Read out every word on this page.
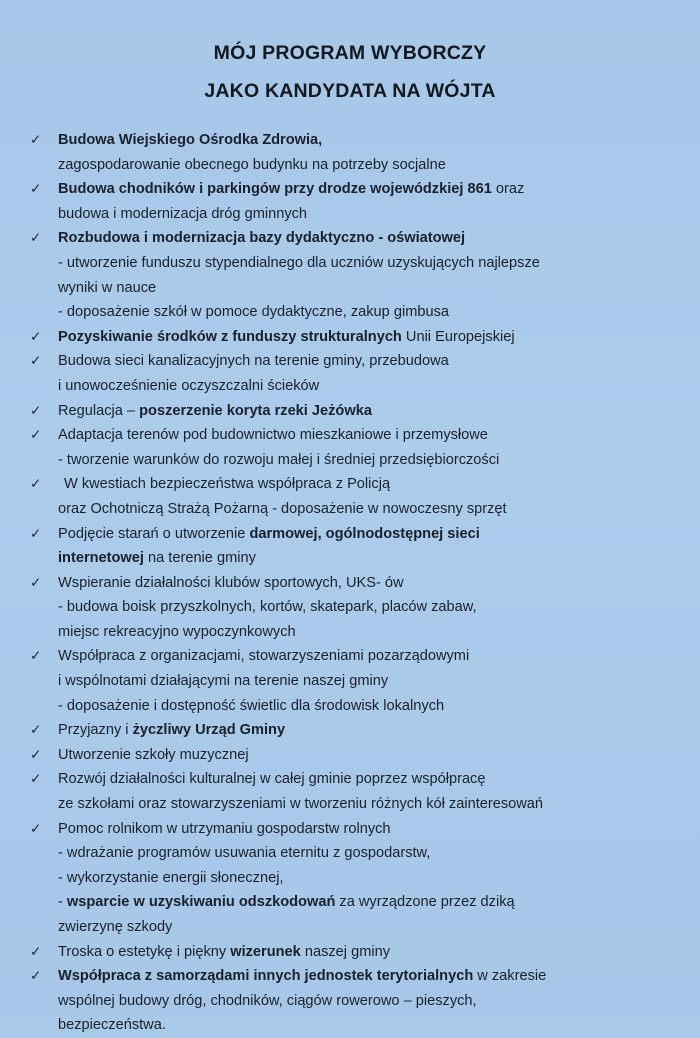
MÓJ PROGRAM WYBORCZY
JAKO KANDYDATA NA WÓJTA
✓	Budowa Wiejskiego Ośrodka Zdrowia,
zagospodarowanie obecnego budynku na potrzeby socjalne
✓	Budowa chodników i parkingów przy drodze wojewódzkiej 861 oraz
budowa i modernizacja dróg gminnych
✓	Rozbudowa i modernizacja bazy dydaktyczno - oświatowej
- utworzenie funduszu stypendialnego dla uczniów uzyskujących najlepsze
wyniki w nauce
- doposażenie szkół w pomoce dydaktyczne, zakup gimbusa
✓	Pozyskiwanie środków z funduszy strukturalnych Unii Europejskiej
✓	Budowa sieci kanalizacyjnych na terenie gminy, przebudowa
i unowocześnienie oczyszczalni ścieków
✓	Regulacja – poszerzenie koryta rzeki Jeżówka
✓	Adaptacja terenów pod budownictwo mieszkaniowe i przemysłowe
- tworzenie warunków do rozwoju małej i średniej przedsiębiorczości
✓	W kwestiach bezpieczeństwa współpraca z Policją
oraz Ochotniczą Strażą Pożarną - doposażenie w nowoczesny sprzęt
✓	Podjęcie starań o utworzenie darmowej, ogólnodostępnej sieci
internetowej na terenie gminy
✓	Wspieranie działalności klubów sportowych, UKS- ów
- budowa boisk przyszkolnych, kortów, skatepark, placów zabaw,
miejsc rekreacyjno wypoczynkowych
✓	Współpraca z organizacjami, stowarzyszeniami pozarządowymi
i wspólnotami działającymi na terenie naszej gminy
- doposażenie i dostępność świetlic dla środowisk lokalnych
✓	Przyjazny i życzliwy Urząd Gminy
✓	Utworzenie szkoły muzycznej
✓	Rozwój działalności kulturalnej w całej gminie poprzez współpracę
ze szkołami oraz stowarzyszeniami w tworzeniu różnych kół zainteresowań
✓	Pomoc rolnikom w utrzymaniu gospodarstw rolnych
- wdrażanie programów usuwania eternitu z gospodarstw,
- wykorzystanie energii słonecznej,
- wsparcie w uzyskiwaniu odszkodowań za wyrządzone przez dziką
zwierzynę szkody
✓	Troska o estetykę i piękny wizerunek naszej gminy
✓	Współpraca z samorządami innych jednostek terytorialnych w zakresie
wspólnej budowy dróg, chodników, ciągów rowerowo – pieszych,
bezpieczeństwa.
